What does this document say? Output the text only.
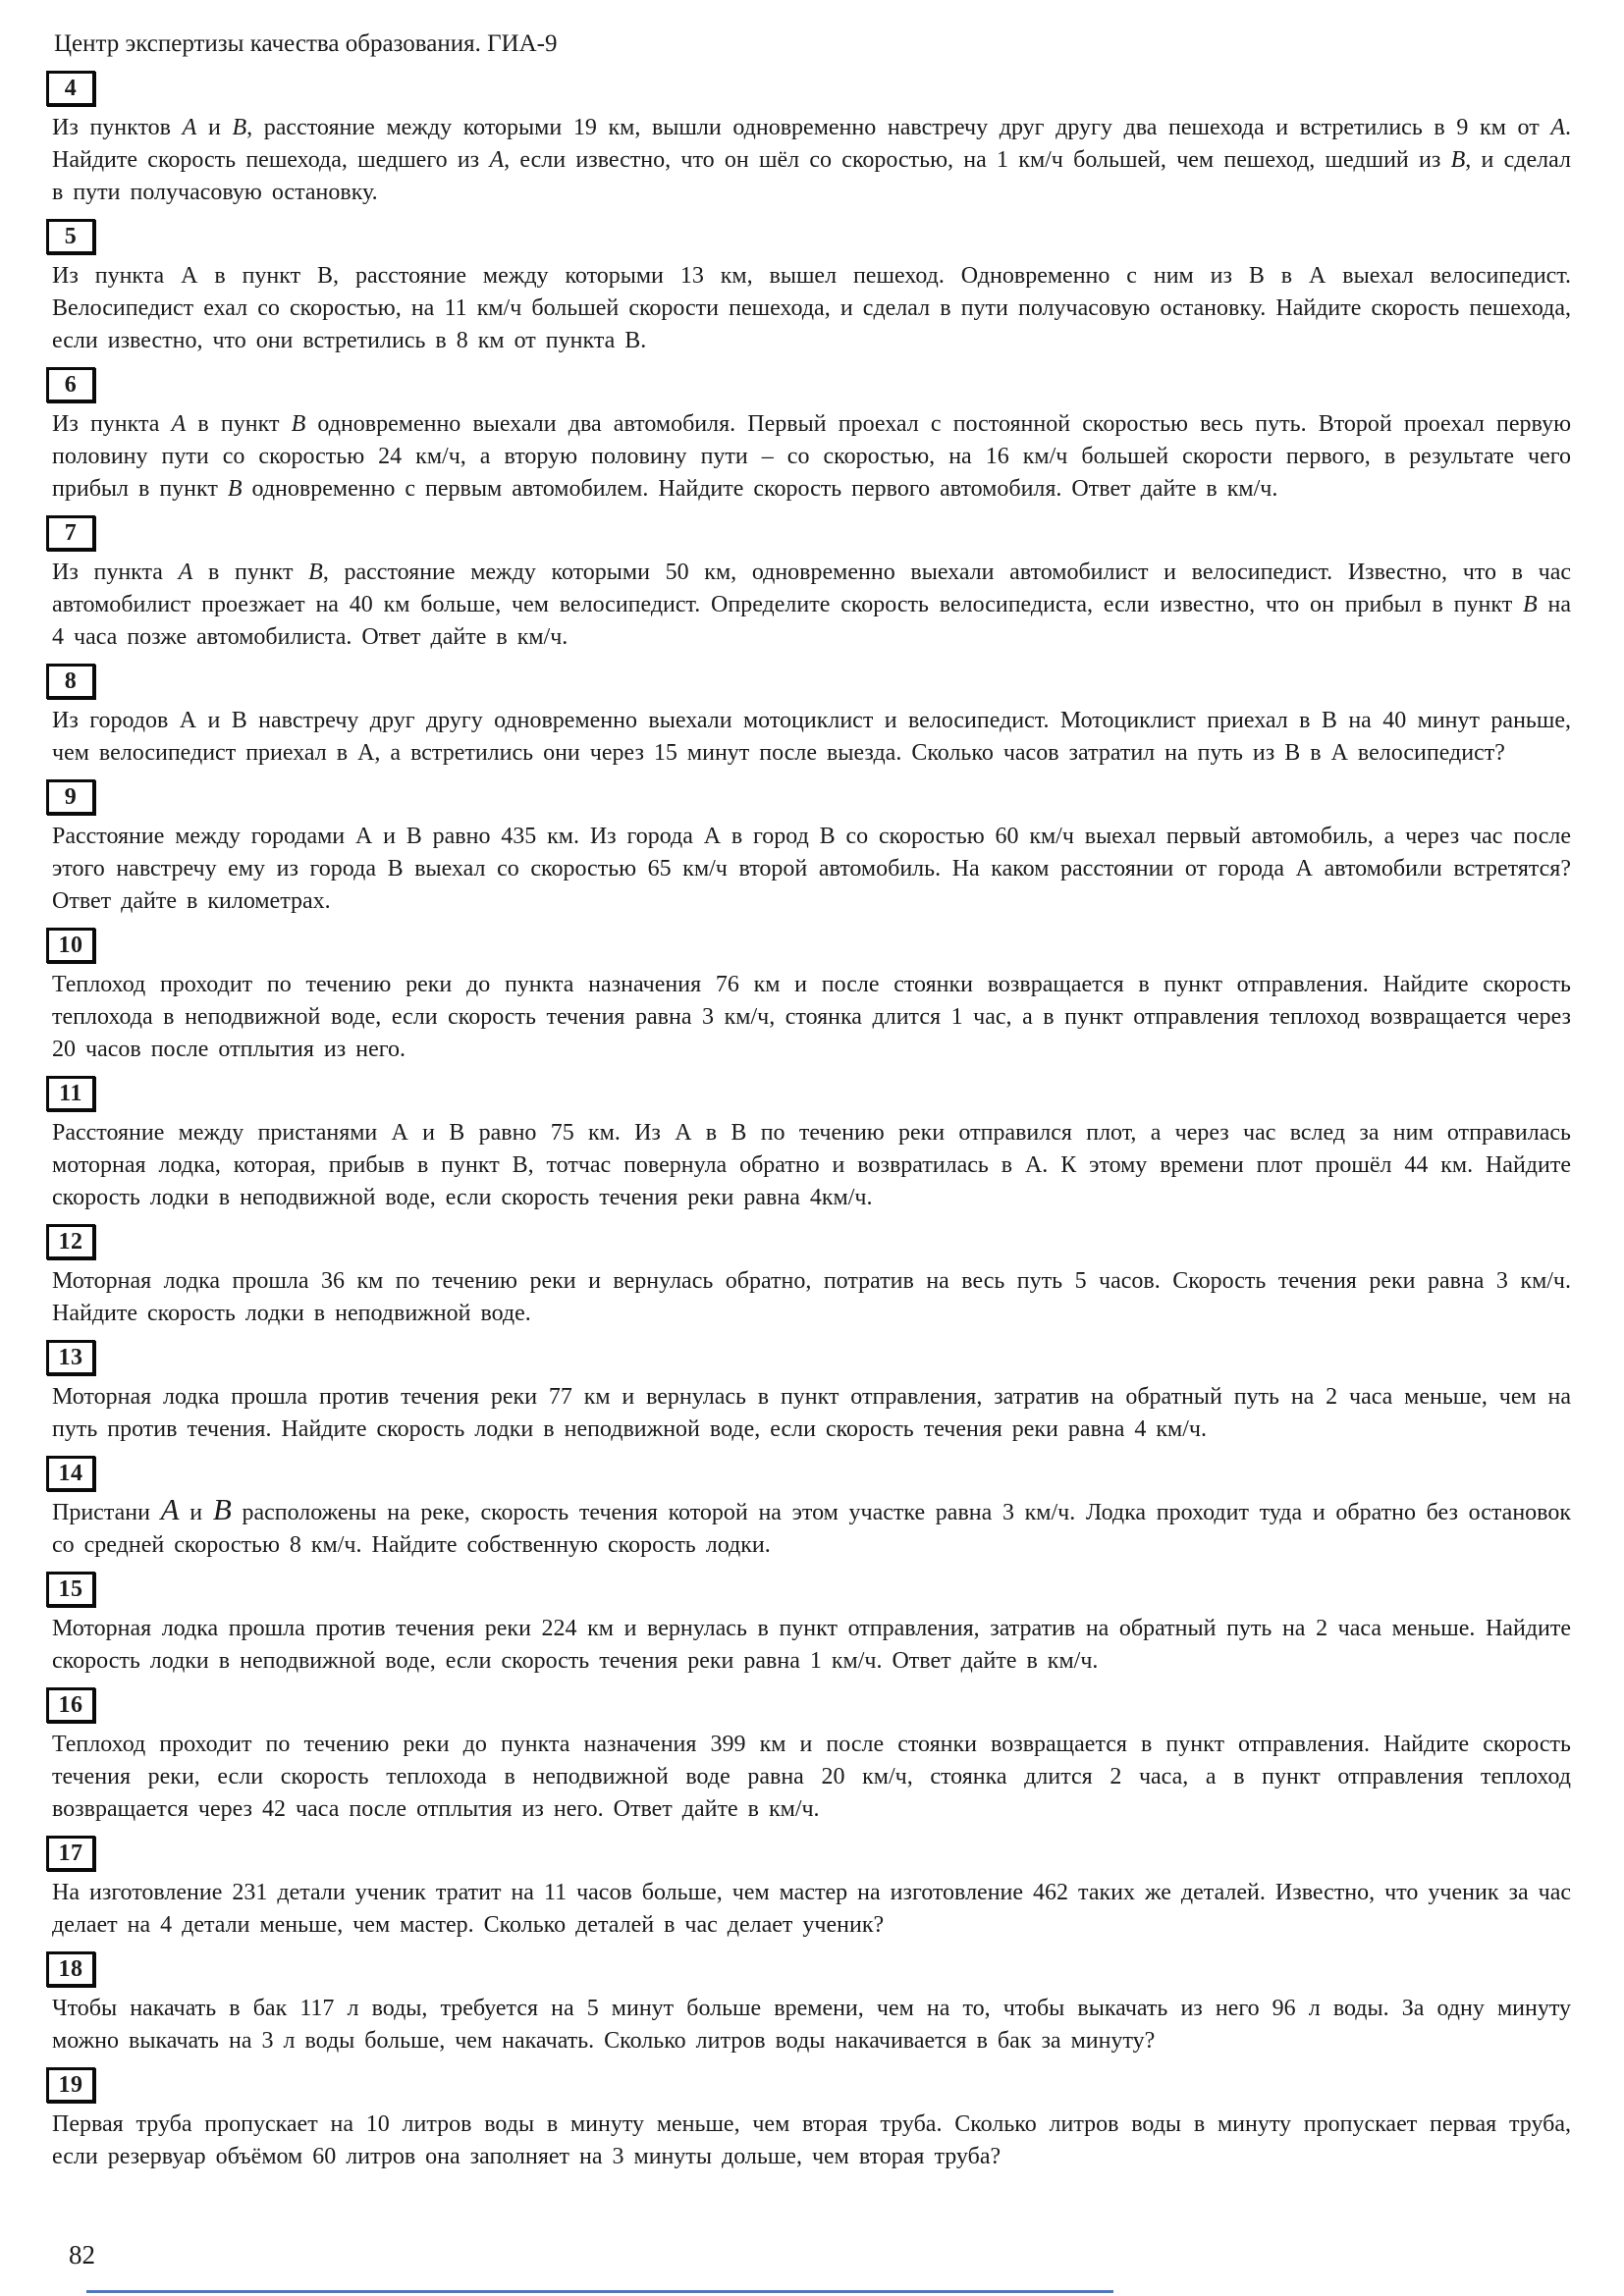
Центр экспертизы качества образования. ГИА-9
4

Из пунктов A и B, расстояние между которыми 19 км, вышли одновременно навстречу друг другу два пешехода и встретились в 9 км от A. Найдите скорость пешехода, шедшего из A, если известно, что он шёл со скоростью, на 1 км/ч большей, чем пешеход, шедший из B, и сделал в пути получасовую остановку.

5

Из пункта А в пункт В, расстояние между которыми 13 км, вышел пешеход. Одновременно с ним из В в А выехал велосипедист. Велосипедист ехал со скоростью, на 11 км/ч большей скорости пешехода, и сделал в пути получасовую остановку. Найдите скорость пешехода, если известно, что они встретились в 8 км от пункта В.

6

Из пункта A в пункт B одновременно выехали два автомобиля. Первый проехал с постоянной скоростью весь путь. Второй проехал первую половину пути со скоростью 24 км/ч, а вторую половину пути – со скоростью, на 16 км/ч большей скорости первого, в результате чего прибыл в пункт B одновременно с первым автомобилем. Найдите скорость первого автомобиля. Ответ дайте в км/ч.

7

Из пункта A в пункт B, расстояние между которыми 50 км, одновременно выехали автомобилист и велосипедист. Известно, что в час автомобилист проезжает на 40 км больше, чем велосипедист. Определите скорость велосипедиста, если известно, что он прибыл в пункт B на 4 часа позже автомобилиста. Ответ дайте в км/ч.

8

Из городов А и В навстречу друг другу одновременно выехали мотоциклист и велосипедист. Мотоциклист приехал в В на 40 минут раньше, чем велосипедист приехал в А, а встретились они через 15 минут после выезда. Сколько часов затратил на путь из В в А велосипедист?

9

Расстояние между городами А и В равно 435 км. Из города А в город В со скоростью 60 км/ч выехал первый автомобиль, а через час после этого навстречу ему из города В выехал со скоростью 65 км/ч второй автомобиль. На каком расстоянии от города А автомобили встретятся? Ответ дайте в километрах.

10

Теплоход проходит по течению реки до пункта назначения 76 км и после стоянки возвращается в пункт отправления. Найдите скорость теплохода в неподвижной воде, если скорость течения равна 3 км/ч, стоянка длится 1 час, а в пункт отправления теплоход возвращается через 20 часов после отплытия из него.

11

Расстояние между пристанями А и В равно 75 км. Из А в В по течению реки отправился плот, а через час вслед за ним отправилась моторная лодка, которая, прибыв в пункт В, тотчас повернула обратно и возвратилась в А. К этому времени плот прошёл 44 км. Найдите скорость лодки в неподвижной воде, если скорость течения реки равна 4км/ч.

12

Моторная лодка прошла 36 км по течению реки и вернулась обратно, потратив на весь путь 5 часов. Скорость течения реки равна 3 км/ч. Найдите скорость лодки в неподвижной воде.

13

Моторная лодка прошла против течения реки 77 км и вернулась в пункт отправления, затратив на обратный путь на 2 часа меньше, чем на путь против течения. Найдите скорость лодки в неподвижной воде, если скорость течения реки равна 4 км/ч.

14

Пристани A и B расположены на реке, скорость течения которой на этом участке равна 3 км/ч. Лодка проходит туда и обратно без остановок со средней скоростью 8 км/ч. Найдите собственную скорость лодки.

15

Моторная лодка прошла против течения реки 224 км и вернулась в пункт отправления, затратив на обратный путь на 2 часа меньше. Найдите скорость лодки в неподвижной воде, если скорость течения реки равна 1 км/ч. Ответ дайте в км/ч.

16

Теплоход проходит по течению реки до пункта назначения 399 км и после стоянки возвращается в пункт отправления. Найдите скорость течения реки, если скорость теплохода в неподвижной воде равна 20 км/ч, стоянка длится 2 часа, а в пункт отправления теплоход возвращается через 42 часа после отплытия из него. Ответ дайте в км/ч.

17

На изготовление 231 детали ученик тратит на 11 часов больше, чем мастер на изготовление 462 таких же деталей. Известно, что ученик за час делает на 4 детали меньше, чем мастер. Сколько деталей в час делает ученик?

18

Чтобы накачать в бак 117 л воды, требуется на 5 минут больше времени, чем на то, чтобы выкачать из него 96 л воды. За одну минуту можно выкачать на 3 л воды больше, чем накачать. Сколько литров воды накачивается в бак за минуту?

19

Первая труба пропускает на 10 литров воды в минуту меньше, чем вторая труба. Сколько литров воды в минуту пропускает первая труба, если резервуар объёмом 60 литров она заполняет на 3 минуты дольше, чем вторая труба?

82
